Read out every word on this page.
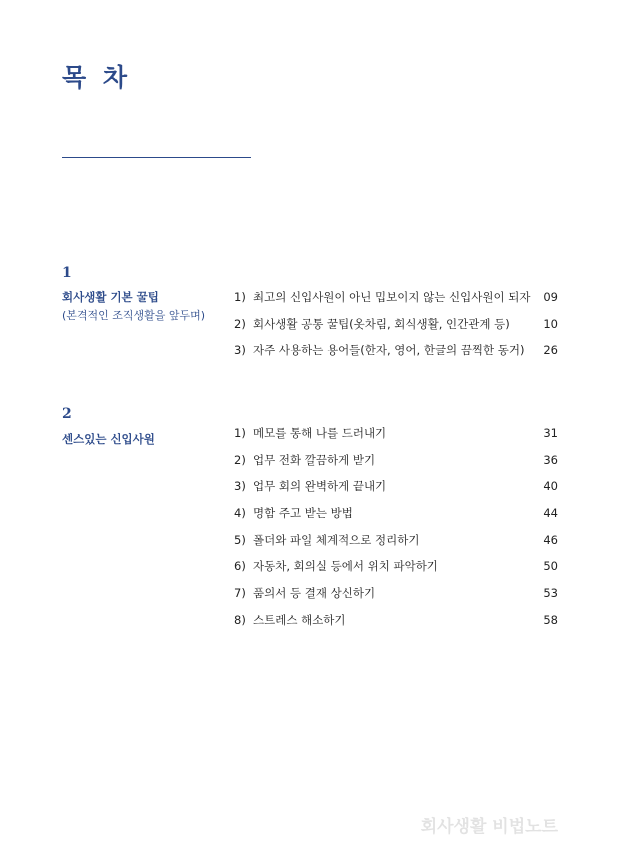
목 차
1
회사생활 기본 꿀팁
(본격적인 조직생활을 앞두며)
1) 최고의 신입사원이 아닌 밉보이지 않는 신입사원이 되자	09
2) 회사생활 공통 꿀팁(옷차림, 회식생활, 인간관계 등)	10
3) 자주 사용하는 용어들(한자, 영어, 한글의 끔찍한 동거)	26
2
센스있는 신입사원	1) 메모를 통해 나를 드러내기	31
2) 업무 전화 깔끔하게 받기	36
3) 업무 회의 완벽하게 끝내기	40
4) 명함 주고 받는 방법	44
5) 폴더와 파일 체계적으로 정리하기	46
6) 자동차, 회의실 등에서 위치 파악하기	50
7) 품의서 등 결재 상신하기	53
8) 스트레스 해소하기	58
회사생활 비법노트
